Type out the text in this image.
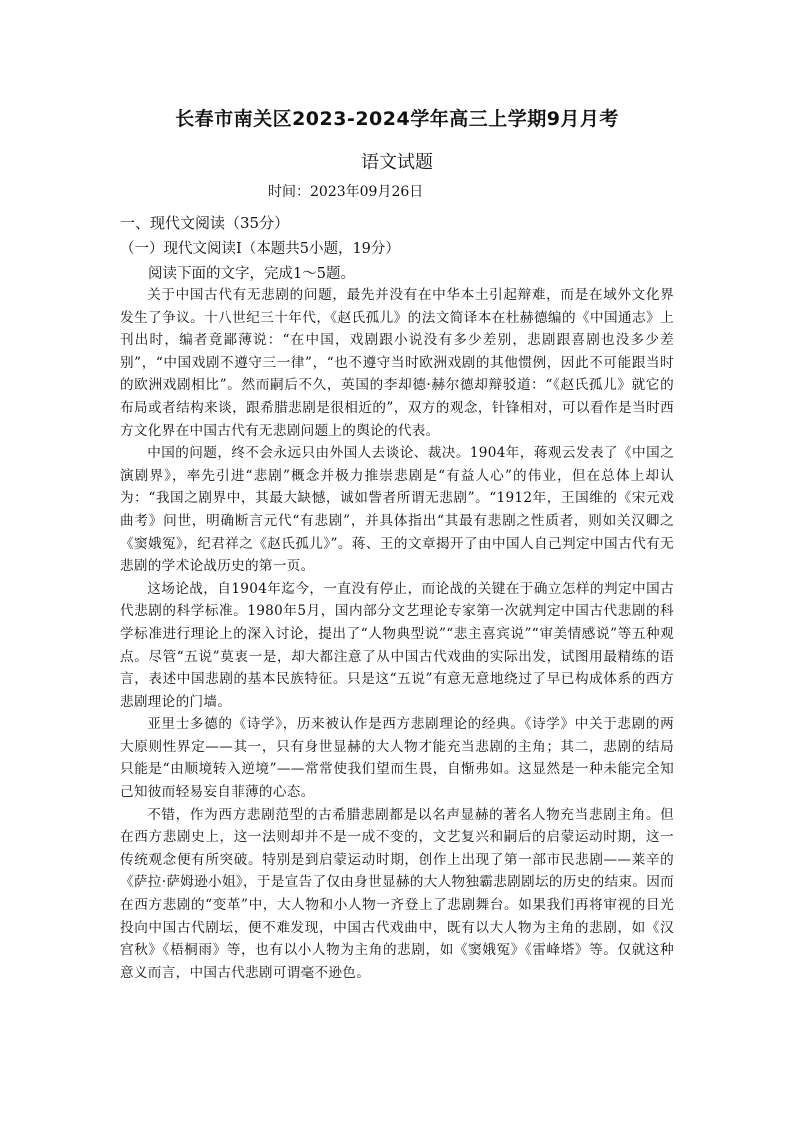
长春市南关区2023-2024学年高三上学期9月月考
语文试题
时间：2023年09月26日
一、现代文阅读（35分）
（一）现代文阅读Ⅰ（本题共5小题，19分）
阅读下面的文字，完成1～5题。

关于中国古代有无悲剧的问题，最先并没有在中华本土引起辩难，而是在域外文化界发生了争议。十八世纪三十年代，《赵氏孤儿》的法文简译本在杜赫德编的《中国通志》上刊出时，编者竟鄙薄说：“在中国，戏剧跟小说没有多少差别，悲剧跟喜剧也没多少差别”，“中国戏剧不遵守三一律”，“也不遵守当时欧洲戏剧的其他惯例，因此不可能跟当时的欧洲戏剧相比”。然而嗣后不久，英国的李却德·赫尔德却辩驳道：“《赵氏孤儿》就它的布局或者结构来谈，跟希腊悲剧是很相近的”，双方的观念，针锋相对，可以看作是当时西方文化界在中国古代有无悲剧问题上的舆论的代表。

中国的问题，终不会永远只由外国人去谈论、裁决。1904年，蒋观云发表了《中国之演剧界》，率先引进“悲剧”概念并极力推崇悲剧是“有益人心”的伟业，但在总体上却认为：“我国之剧界中，其最大缺憾，诚如訾者所谓无悲剧”。“1912年，王国维的《宋元戏曲考》问世，明确断言元代“有悲剧”，并具体指出“其最有悲剧之性质者，则如关汉卿之《窦娥冤》，纪君祥之《赵氏孤儿》”。蒋、王的文章揭开了由中国人自己判定中国古代有无悲剧的学术论战历史的第一页。

这场论战，自1904年迄今，一直没有停止，而论战的关键在于确立怎样的判定中国古代悲剧的科学标准。1980年5月，国内部分文艺理论专家第一次就判定中国古代悲剧的科学标准进行理论上的深入讨论，提出了“人物典型说”“悲主喜宾说”“审美情感说”等五种观点。尽管“五说”莫衷一是，却大都注意了从中国古代戏曲的实际出发，试图用最精练的语言，表述中国悲剧的基本民族特征。只是这“五说”有意无意地绕过了早已构成体系的西方悲剧理论的门墙。

亚里士多德的《诗学》，历来被认作是西方悲剧理论的经典。《诗学》中关于悲剧的两大原则性界定——其一，只有身世显赫的大人物才能充当悲剧的主角；其二，悲剧的结局只能是“由顺境转入逆境”——常常使我们望而生畏，自惭弗如。这显然是一种未能完全知己知彼而轻易妄自菲薄的心态。

不错，作为西方悲剧范型的古希腊悲剧都是以名声显赫的著名人物充当悲剧主角。但在西方悲剧史上，这一法则却并不是一成不变的，文艺复兴和嗣后的启蒙运动时期，这一传统观念便有所突破。特别是到启蒙运动时期，创作上出现了第一部市民悲剧——莱辛的《萨拉·萨姆逊小姐》，于是宣告了仅由身世显赫的大人物独霸悲剧剧坛的历史的结束。因而在西方悲剧的“变革”中，大人物和小人物一齐登上了悲剧舞台。如果我们再将审视的目光投向中国古代剧坛，便不难发现，中国古代戏曲中，既有以大人物为主角的悲剧，如《汉宫秋》《梧桐雨》等，也有以小人物为主角的悲剧，如《窦娥冤》《雷峰塔》等。仅就这种意义而言，中国古代悲剧可谓毫不逊色。
